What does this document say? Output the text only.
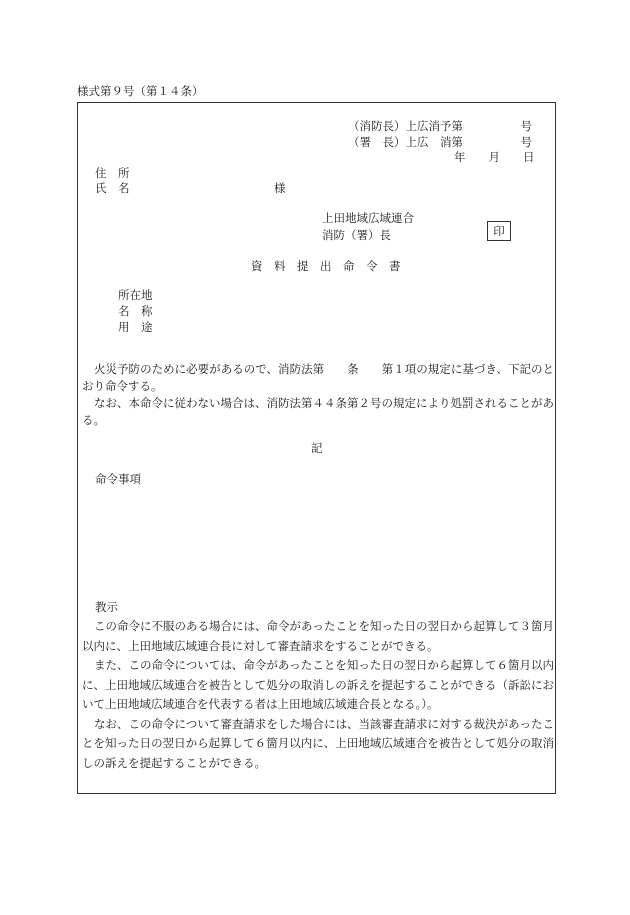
様式第９号（第１４条）
（消防長）上広消予第　　　　　号
（署　長）上広　消第　　　　　号
年　　月　　日
住　所
氏　名	様
上田地域広域連合
消防（署）長	印
資　料　提　出　命　令　書
所在地
名　称
用　途

火災予防のために必要があるので、消防法第　　条　　第１項の規定に基づき、下記のとおり命令する。

なお、本命令に従わない場合は、消防法第４４条第２号の規定により処罰されることがある。

記
命令事項
教示

この命令に不服のある場合には、命令があったことを知った日の翌日から起算して３箇月以内に、上田地域広域連合長に対して審査請求をすることができる。

また、この命令については、命令があったことを知った日の翌日から起算して６箇月以内に、上田地域広域連合を被告として処分の取消しの訴えを提起することができる（訴訟において上田地域広域連合を代表する者は上田地域広域連合長となる。）。

なお、この命令について審査請求をした場合には、当該審査請求に対する裁決があったことを知った日の翌日から起算して６箇月以内に、上田地域広域連合を被告として処分の取消しの訴えを提起することができる。
